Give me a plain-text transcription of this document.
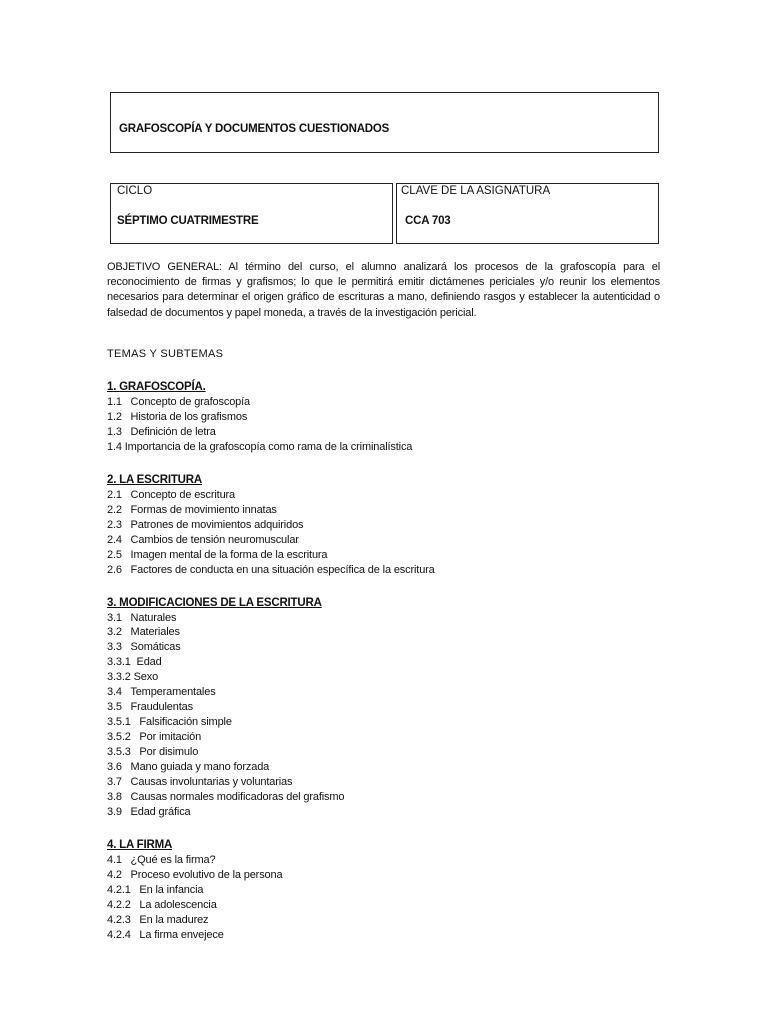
GRAFOSCOPÍA Y DOCUMENTOS CUESTIONADOS
CICLO
SÉPTIMO CUATRIMESTRE
CLAVE DE LA ASIGNATURA
CCA 703
OBJETIVO GENERAL: Al término del curso, el alumno analizará los procesos de la grafoscopía para el reconocimiento de firmas y grafismos; lo que le permitirá emitir dictámenes periciales y/o reunir los elementos necesarios para determinar el origen gráfico de escrituras a mano, definiendo rasgos y establecer la autenticidad o falsedad de documentos y papel moneda, a través de la investigación pericial.
TEMAS Y SUBTEMAS
1. GRAFOSCOPÍA.
1.1   Concepto de grafoscopía
1.2   Historia de los grafismos
1.3   Definición de letra
1.4 Importancia de la grafoscopía como rama de la criminalística
2. LA ESCRITURA
2.1   Concepto de escritura
2.2   Formas de movimiento innatas
2.3   Patrones de movimientos adquiridos
2.4   Cambios de tensión neuromuscular
2.5   Imagen mental de la forma de la escritura
2.6   Factores de conducta en una situación específica de la escritura
3. MODIFICACIONES DE LA ESCRITURA
3.1   Naturales
3.2   Materiales
3.3   Somáticas
3.3.1  Edad
3.3.2 Sexo
3.4   Temperamentales
3.5   Fraudulentas
3.5.1   Falsificación simple
3.5.2   Por imitación
3.5.3   Por disimulo
3.6   Mano guiada y mano forzada
3.7   Causas involuntarias y voluntarias
3.8   Causas normales modificadoras del grafismo
3.9   Edad gráfica
4. LA FIRMA
4.1   ¿Qué es la firma?
4.2   Proceso evolutivo de la persona
4.2.1   En la infancia
4.2.2   La adolescencia
4.2.3   En la madurez
4.2.4   La firma envejece
